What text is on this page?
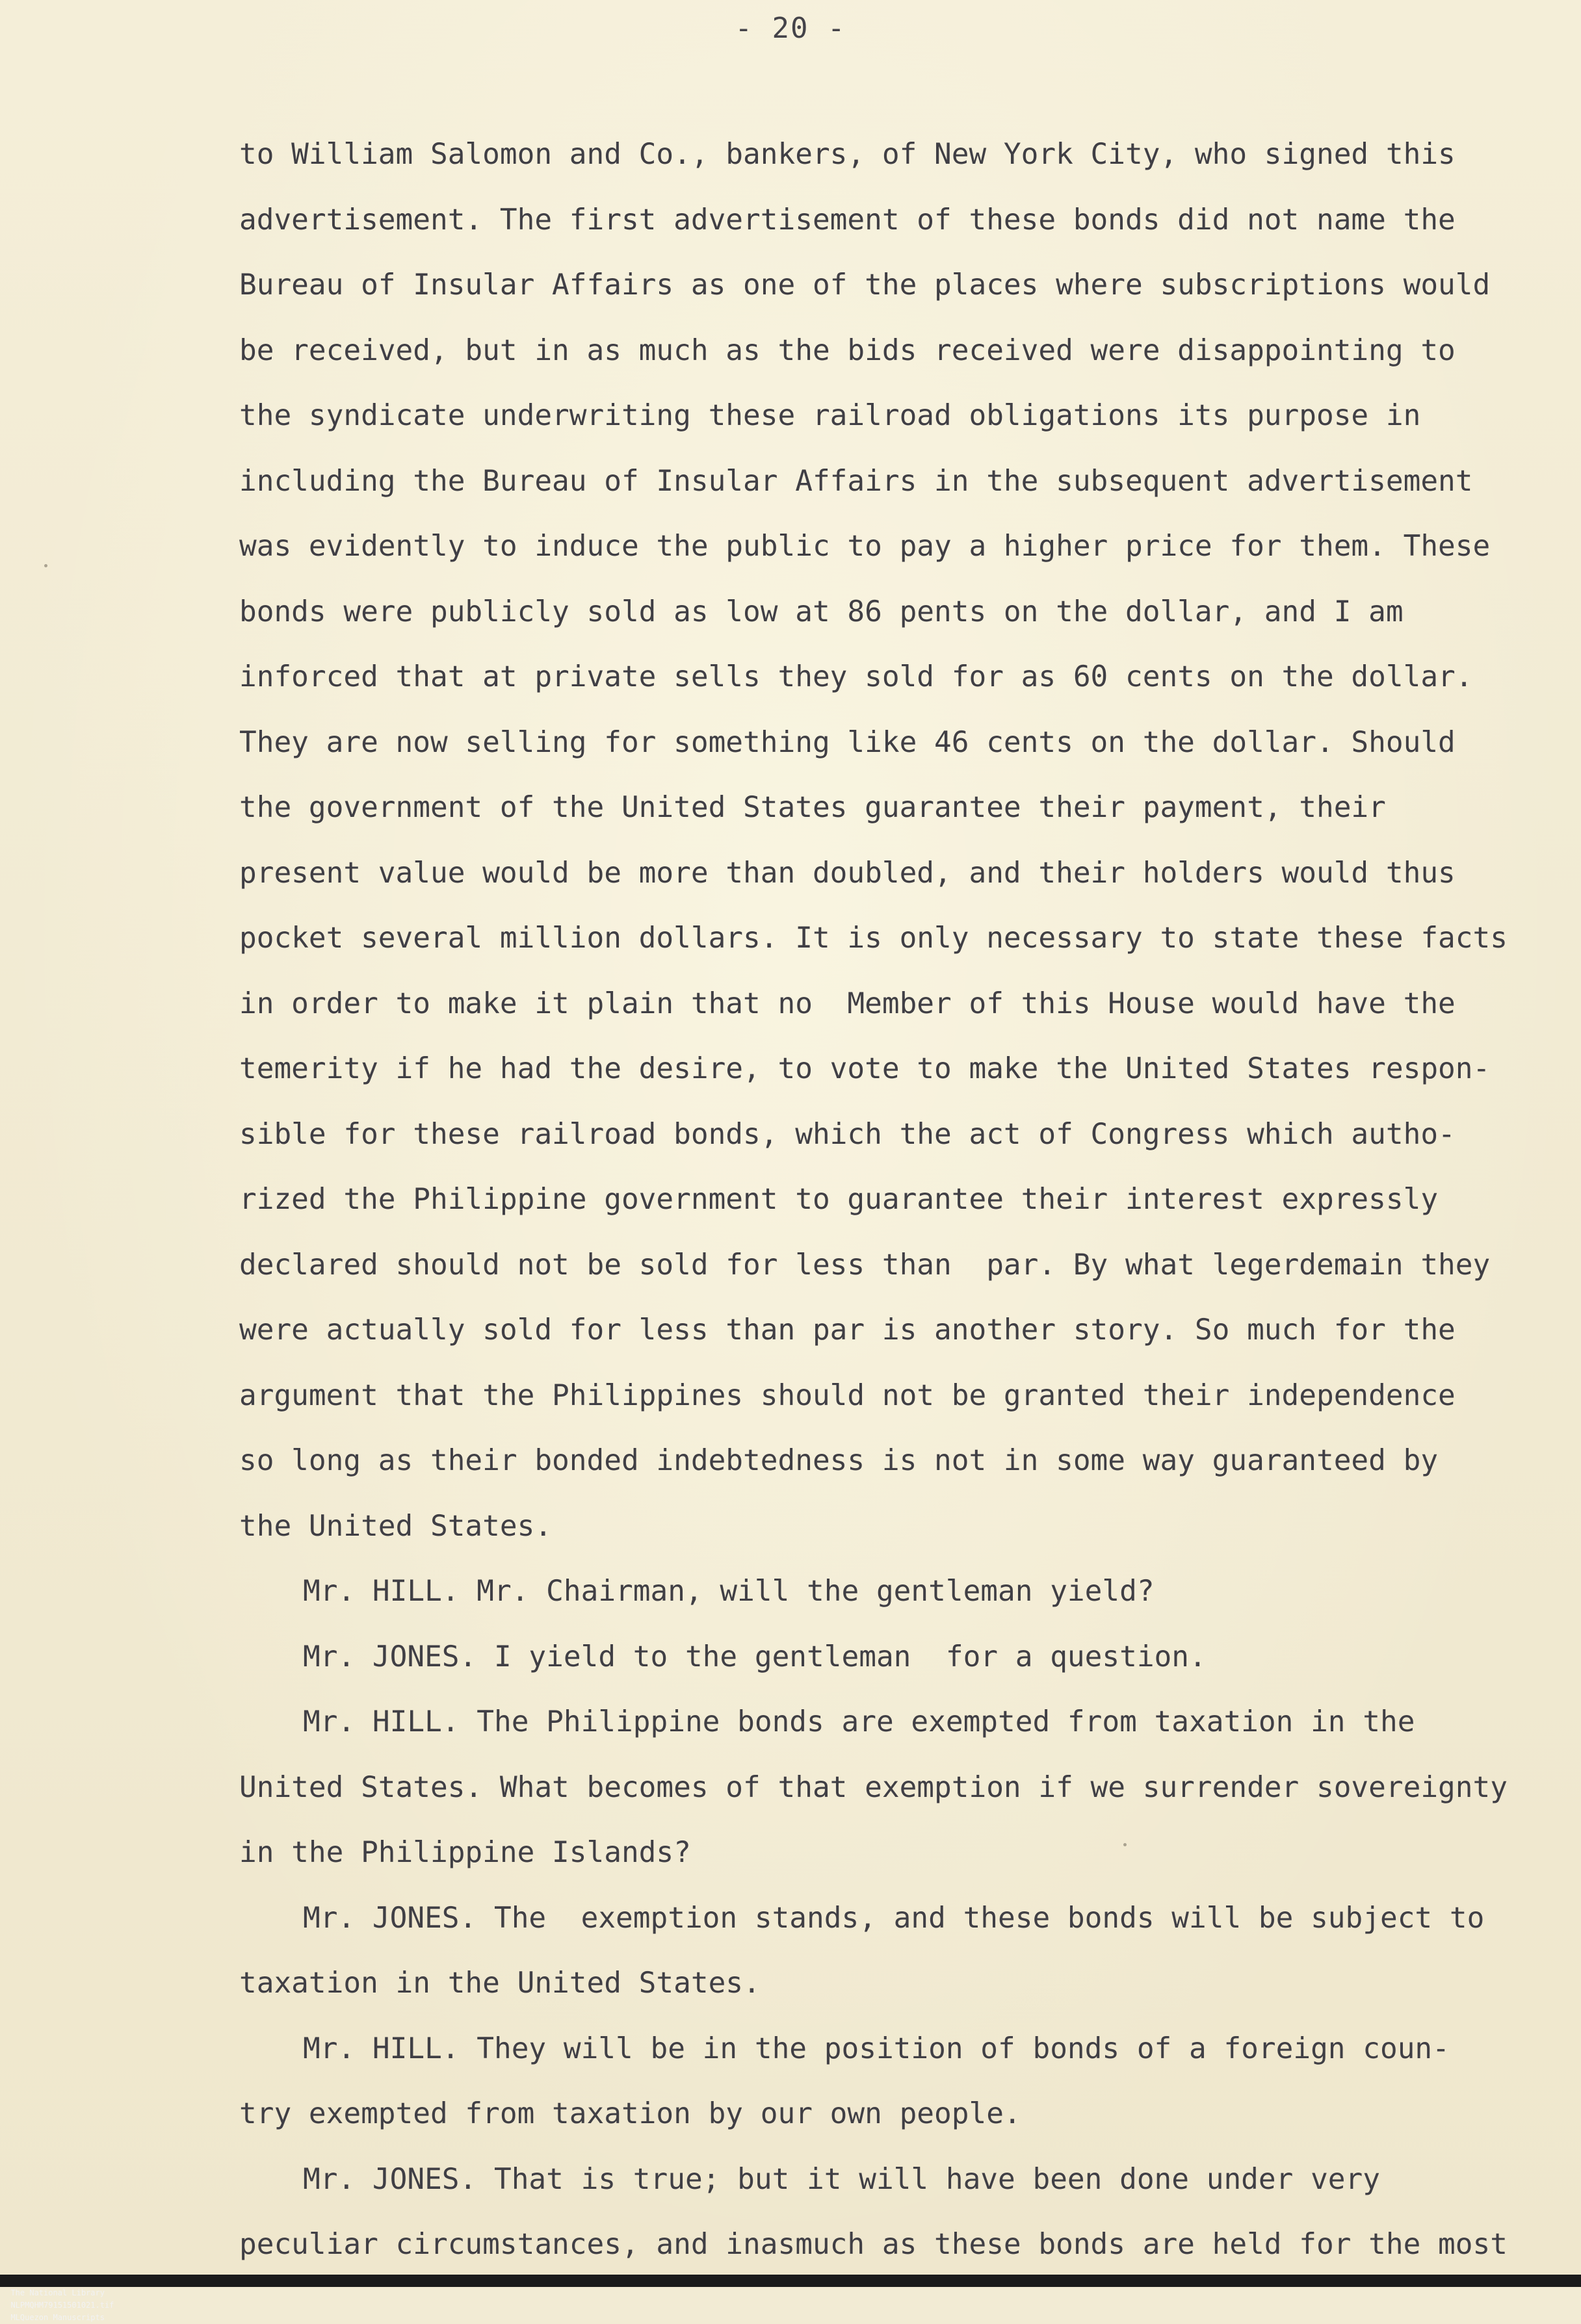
- 20 -
to William Salomon and Co., bankers, of New York City, who signed this
advertisement. The first advertisement of these bonds did not name the
Bureau of Insular Affairs as one of the places where subscriptions would
be received, but in as much as the bids received were disappointing to
the syndicate underwriting these railroad obligations its purpose in
including the Bureau of Insular Affairs in the subsequent advertisement
was evidently to induce the public to pay a higher price for them. These
bonds were publicly sold as low at 86 pents on the dollar, and I am
inforced that at private sells they sold for as 60 cents on the dollar.
They are now selling for something like 46 cents on the dollar. Should
the government of the United States guarantee their payment, their
present value would be more than doubled, and their holders would thus
pocket several million dollars. It is only necessary to state these facts
in order to make it plain that no  Member of this House would have the
temerity if he had the desire, to vote to make the United States respon-
sible for these railroad bonds, which the act of Congress which autho-
rized the Philippine government to guarantee their interest expressly
declared should not be sold for less than  par. By what legerdemain they
were actually sold for less than par is another story. So much for the
argument that the Philippines should not be granted their independence
so long as their bonded indebtedness is not in some way guaranteed by
the United States.
Mr. HILL. Mr. Chairman, will the gentleman yield?
Mr. JONES. I yield to the gentleman  for a question.
Mr. HILL. The Philippine bonds are exempted from taxation in the
United States. What becomes of that exemption if we surrender sovereignty
in the Philippine Islands?
Mr. JONES. The  exemption stands, and these bonds will be subject to
taxation in the United States.
Mr. HILL. They will be in the position of bonds of a foreign coun-
try exempted from taxation by our own people.
Mr. JONES. That is true; but it will have been done under very
peculiar circumstances, and inasmuch as these bonds are held for the most

The National Library
NLPMQHM79151501021.tif
MLQuezon Manuscripts
